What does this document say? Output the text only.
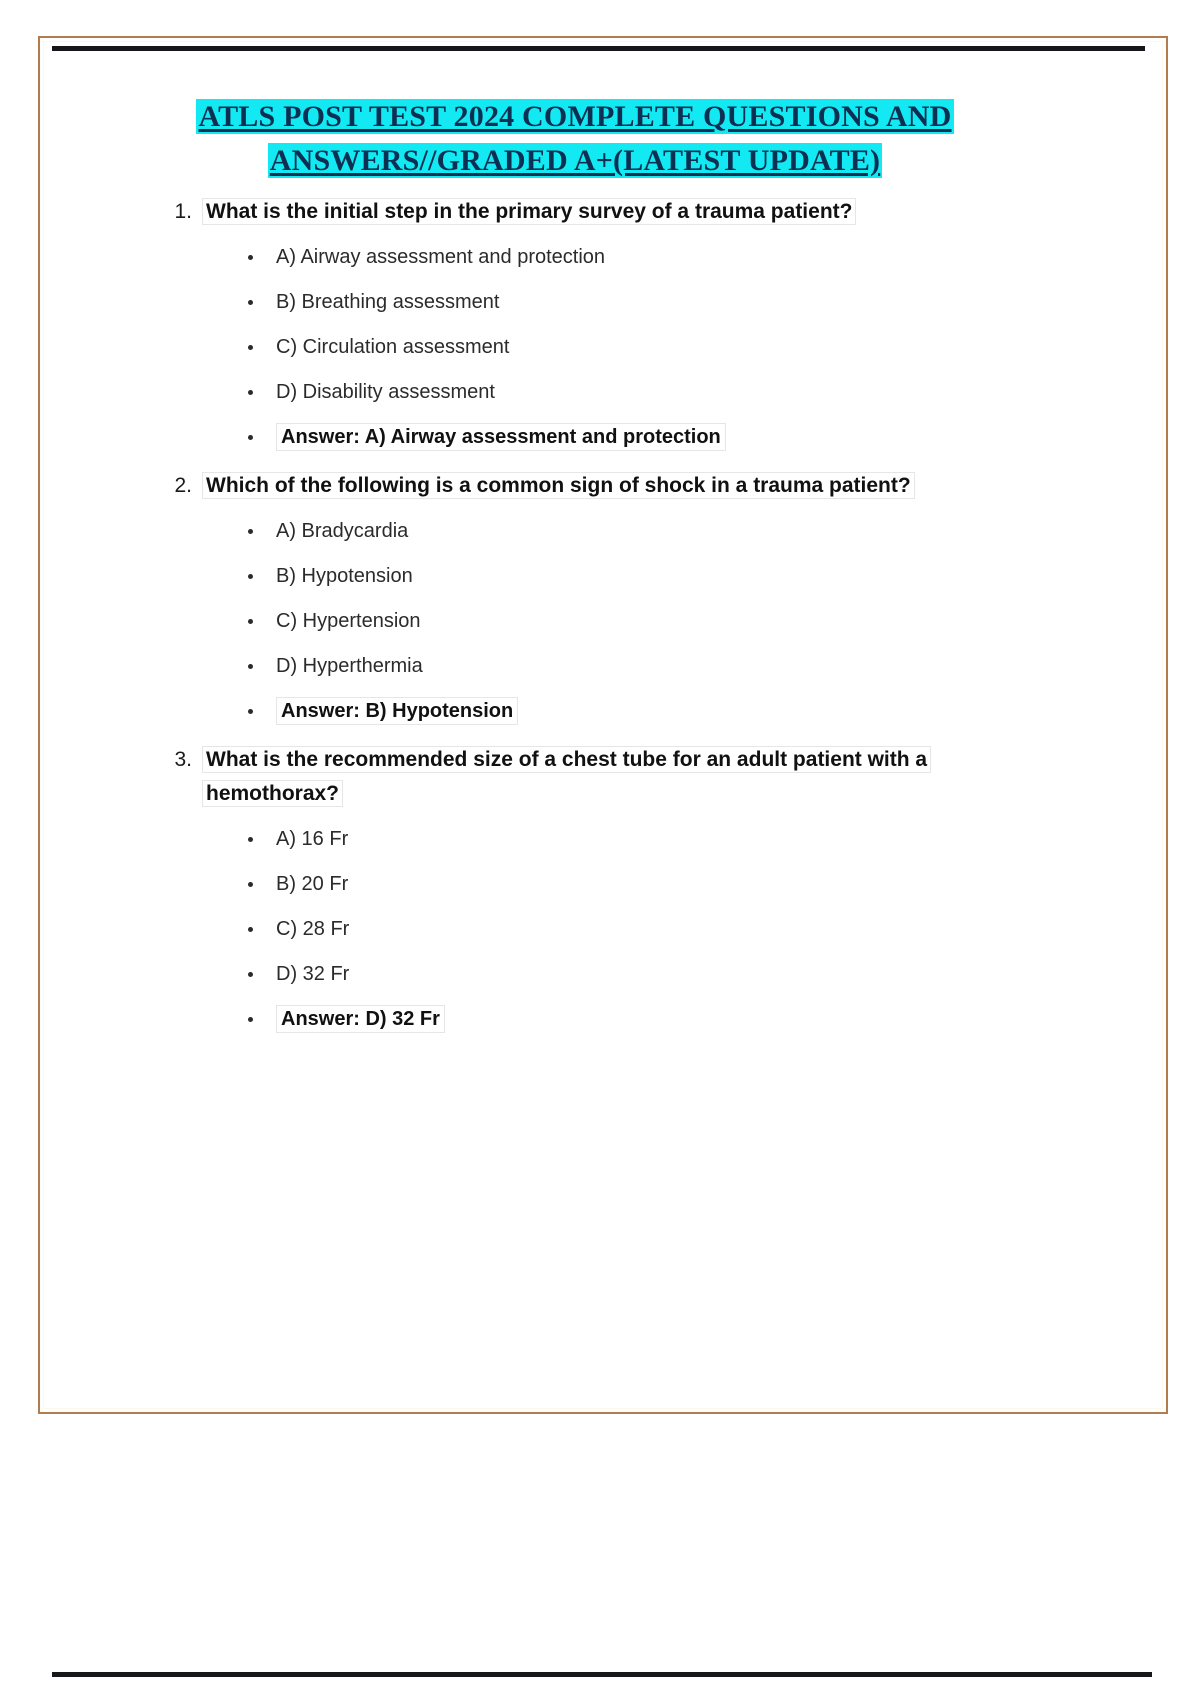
ATLS POST TEST 2024 COMPLETE QUESTIONS AND
ANSWERS//GRADED A+(LATEST UPDATE)
1. What is the initial step in the primary survey of a trauma patient?
A) Airway assessment and protection
B) Breathing assessment
C) Circulation assessment
D) Disability assessment
Answer: A) Airway assessment and protection
2. Which of the following is a common sign of shock in a trauma patient?
A) Bradycardia
B) Hypotension
C) Hypertension
D) Hyperthermia
Answer: B) Hypotension
3. What is the recommended size of a chest tube for an adult patient with a hemothorax?
A) 16 Fr
B) 20 Fr
C) 28 Fr
D) 32 Fr
Answer: D) 32 Fr
